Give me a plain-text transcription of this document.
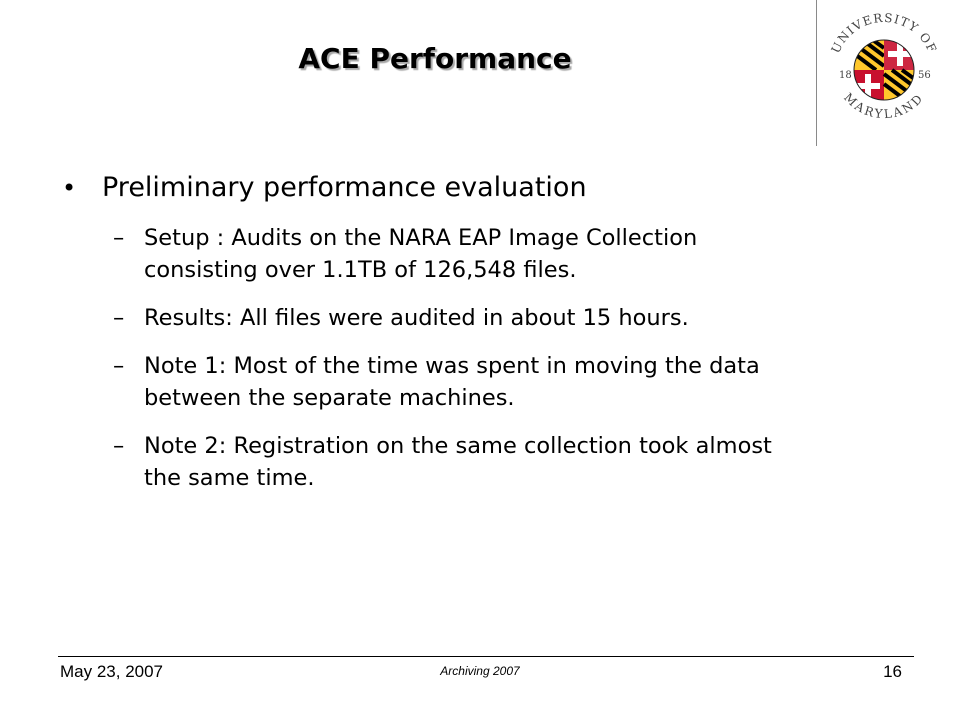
ACE Performance	UNIVERSITY OF
MARYLAND
18	56
• Preliminary performance evaluation
– Setup : Audits on the NARA EAP Image Collection consisting over 1.1TB of 126,548 files.
– Results: All files were audited in about 15 hours.
– Note 1: Most of the time was spent in moving the data between the separate machines.
– Note 2: Registration on the same collection took almost the same time.
May 23, 2007	Archiving 2007	16
